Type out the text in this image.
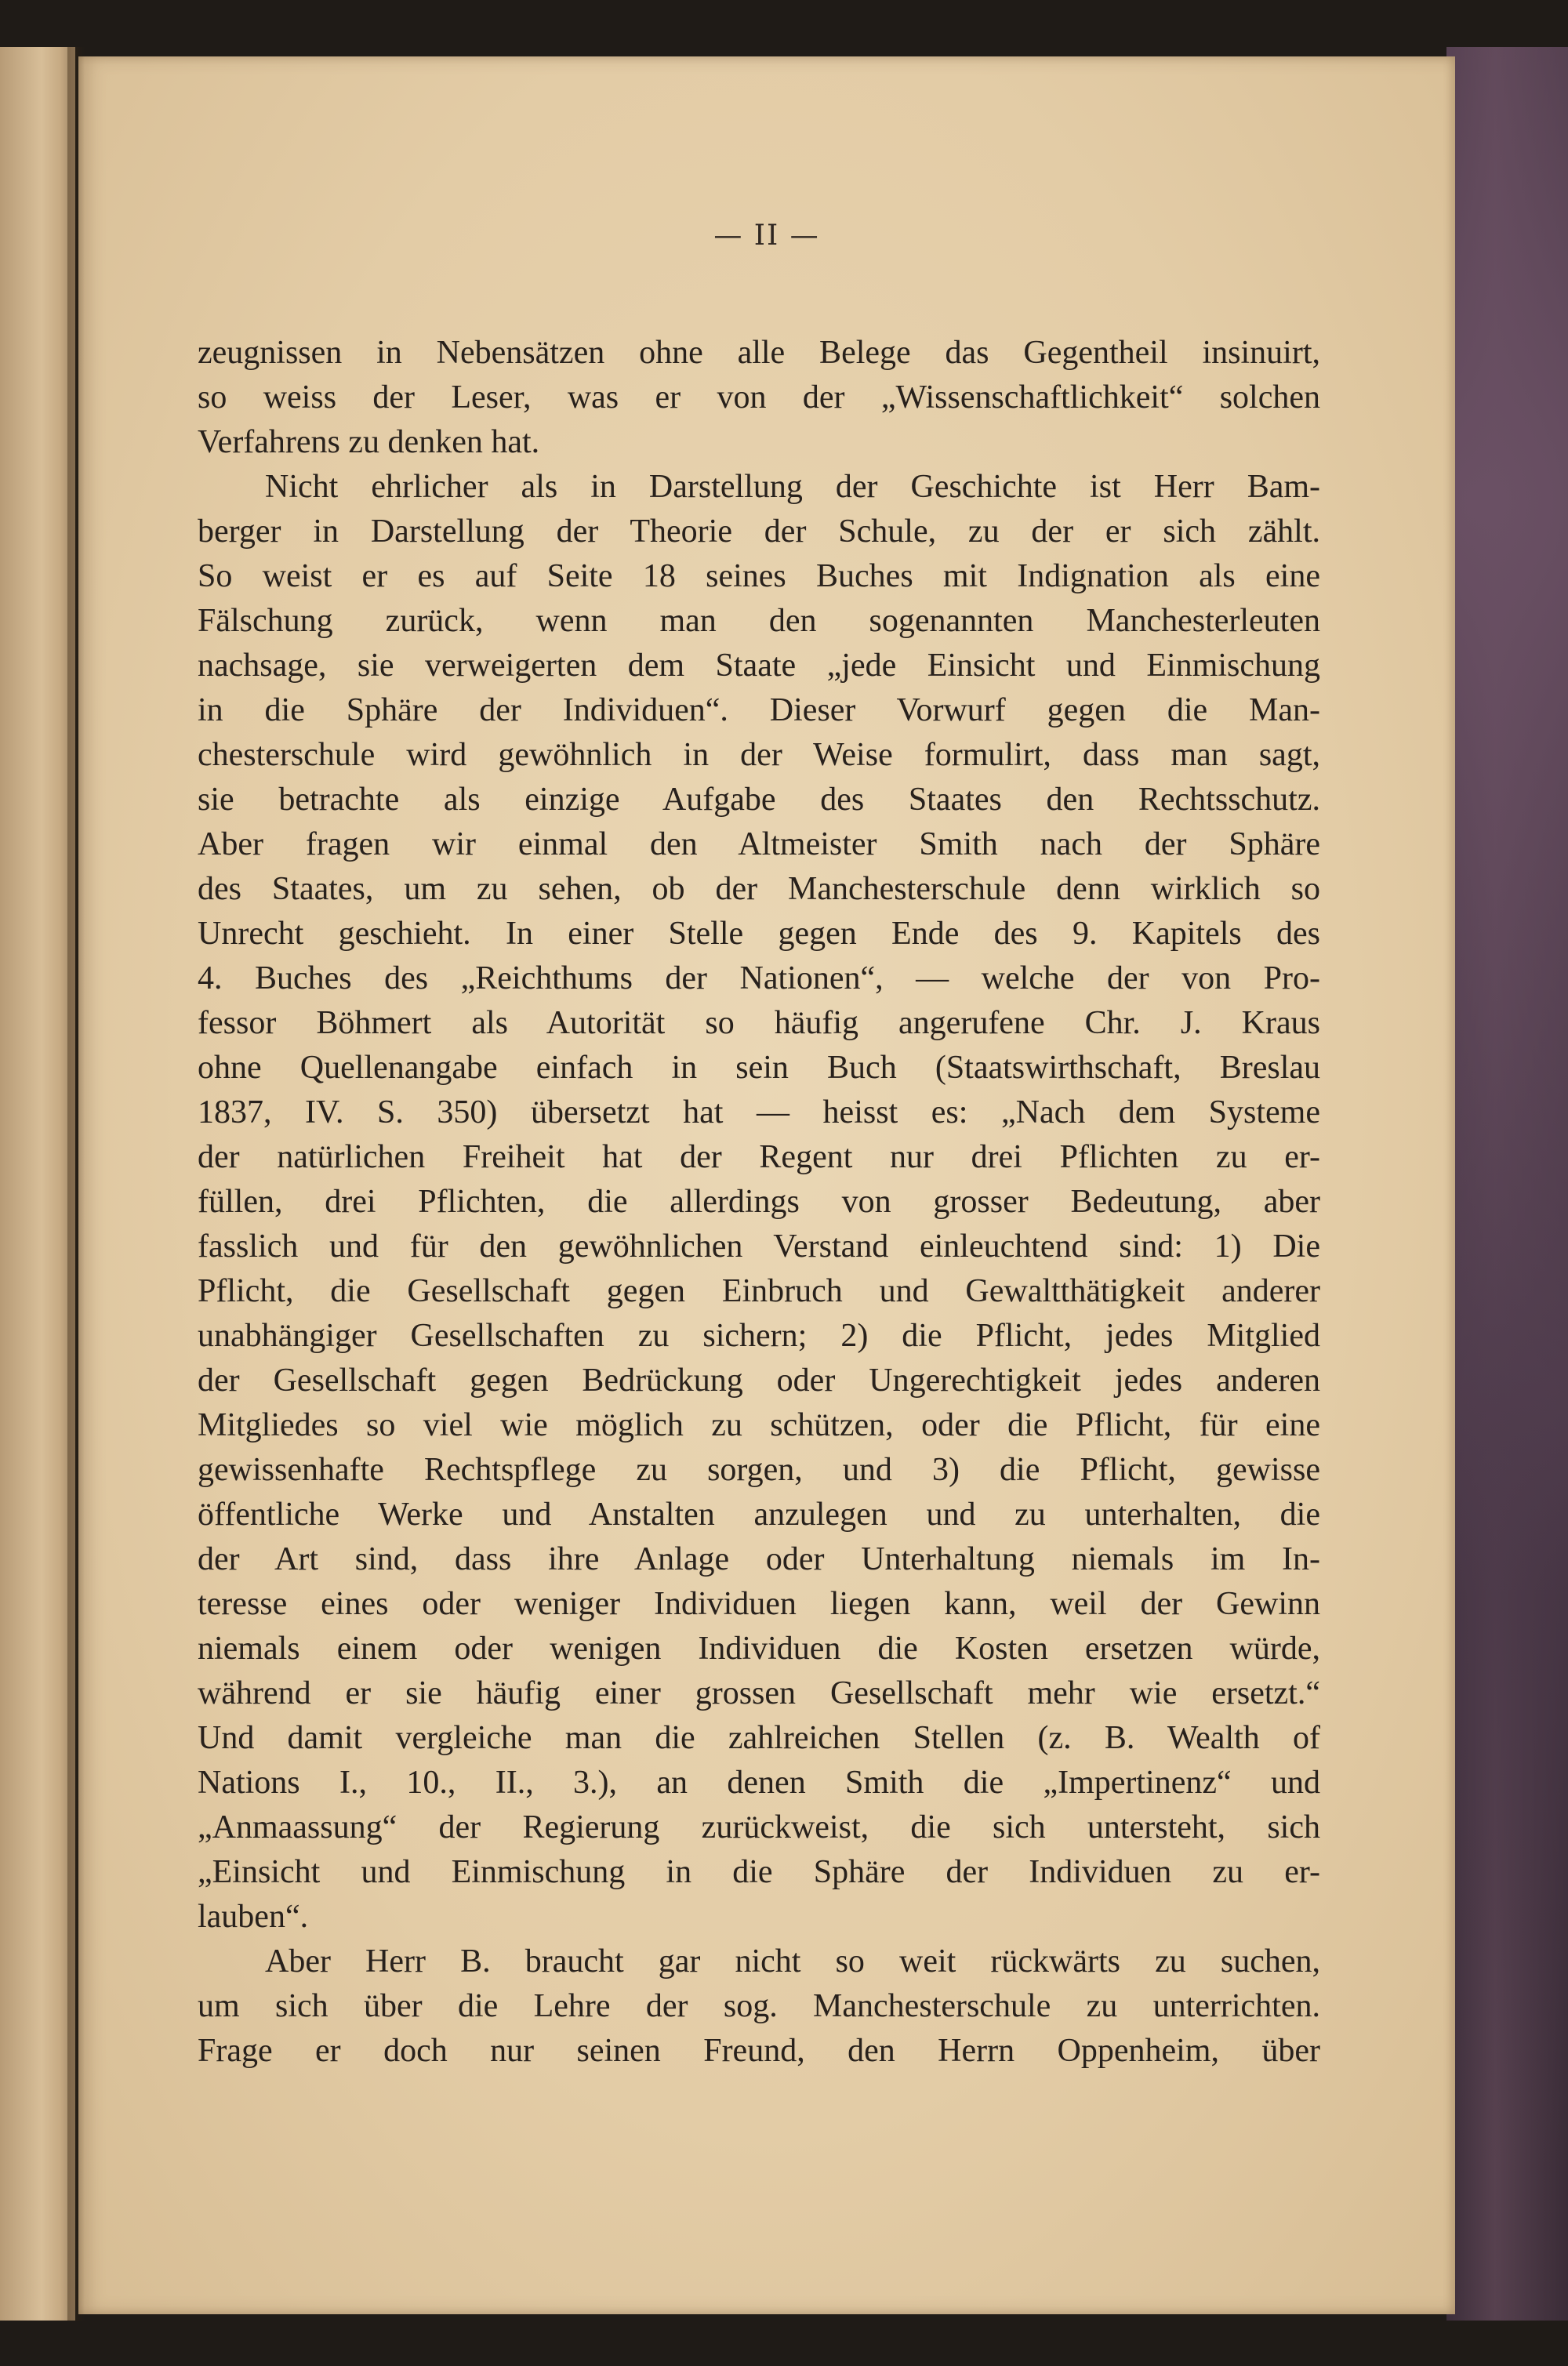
— II —
zeugnissen in Nebensätzen ohne alle Belege das Gegentheil insinuirt,
so weiss der Leser, was er von der „Wissenschaftlichkeit“ solchen
Verfahrens zu denken hat.
Nicht ehrlicher als in Darstellung der Geschichte ist Herr Bam-
berger in Darstellung der Theorie der Schule, zu der er sich zählt.
So weist er es auf Seite 18 seines Buches mit Indignation als eine
Fälschung zurück, wenn man den sogenannten Manchesterleuten
nachsage, sie verweigerten dem Staate „jede Einsicht und Einmischung
in die Sphäre der Individuen“. Dieser Vorwurf gegen die Man-
chesterschule wird gewöhnlich in der Weise formulirt, dass man sagt,
sie betrachte als einzige Aufgabe des Staates den Rechtsschutz.
Aber fragen wir einmal den Altmeister Smith nach der Sphäre
des Staates, um zu sehen, ob der Manchesterschule denn wirklich so
Unrecht geschieht. In einer Stelle gegen Ende des 9. Kapitels des
4. Buches des „Reichthums der Nationen“, — welche der von Pro-
fessor Böhmert als Autorität so häufig angerufene Chr. J. Kraus
ohne Quellenangabe einfach in sein Buch (Staatswirthschaft, Breslau
1837, IV. S. 350) übersetzt hat — heisst es: „Nach dem Systeme
der natürlichen Freiheit hat der Regent nur drei Pflichten zu er-
füllen, drei Pflichten, die allerdings von grosser Bedeutung, aber
fasslich und für den gewöhnlichen Verstand einleuchtend sind: 1) Die
Pflicht, die Gesellschaft gegen Einbruch und Gewaltthätigkeit anderer
unabhängiger Gesellschaften zu sichern; 2) die Pflicht, jedes Mitglied
der Gesellschaft gegen Bedrückung oder Ungerechtigkeit jedes anderen
Mitgliedes so viel wie möglich zu schützen, oder die Pflicht, für eine
gewissenhafte Rechtspflege zu sorgen, und 3) die Pflicht, gewisse
öffentliche Werke und Anstalten anzulegen und zu unterhalten, die
der Art sind, dass ihre Anlage oder Unterhaltung niemals im In-
teresse eines oder weniger Individuen liegen kann, weil der Gewinn
niemals einem oder wenigen Individuen die Kosten ersetzen würde,
während er sie häufig einer grossen Gesellschaft mehr wie ersetzt.“
Und damit vergleiche man die zahlreichen Stellen (z. B. Wealth of
Nations I., 10., II., 3.), an denen Smith die „Impertinenz“ und
„Anmaassung“ der Regierung zurückweist, die sich untersteht, sich
„Einsicht und Einmischung in die Sphäre der Individuen zu er-
lauben“.
Aber Herr B. braucht gar nicht so weit rückwärts zu suchen,
um sich über die Lehre der sog. Manchesterschule zu unterrichten.
Frage er doch nur seinen Freund, den Herrn Oppenheim, über
